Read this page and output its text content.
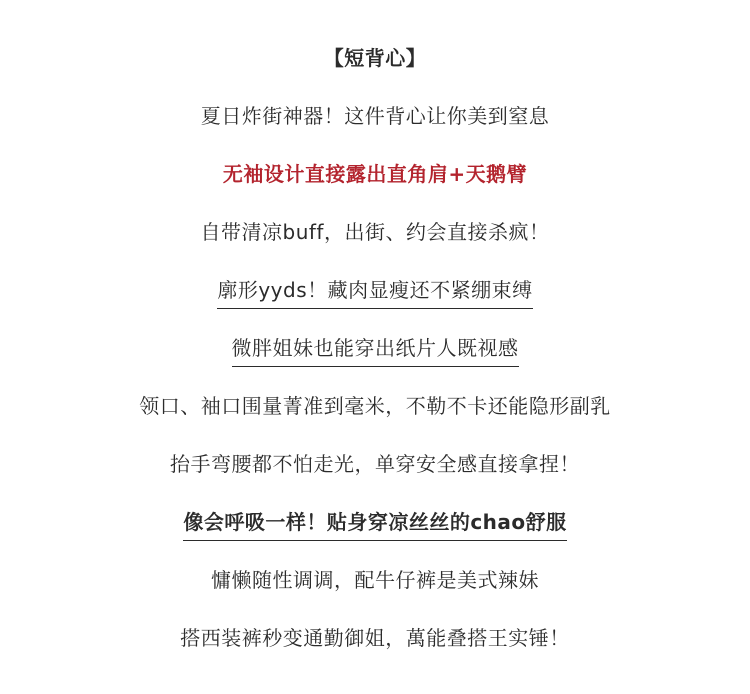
【短背心】
夏日炸街神器！这件背心让你美到窒息
无袖设计直接露出直角肩+天鹅臂
自带清凉buff，出街、约会直接杀疯！
廓形yyds！藏肉显瘦还不紧绷束缚
微胖姐妹也能穿出纸片人既视感
领口、袖口围量菁准到毫米，不勒不卡还能隐形副乳
抬手弯腰都不怕走光，单穿安全感直接拿捏！
像会呼吸一样！贴身穿凉丝丝的chao舒服
慵懒随性调调，配牛仔裤是美式辣妹
搭西装裤秒变通勤御姐，萬能叠搭王实锤！
